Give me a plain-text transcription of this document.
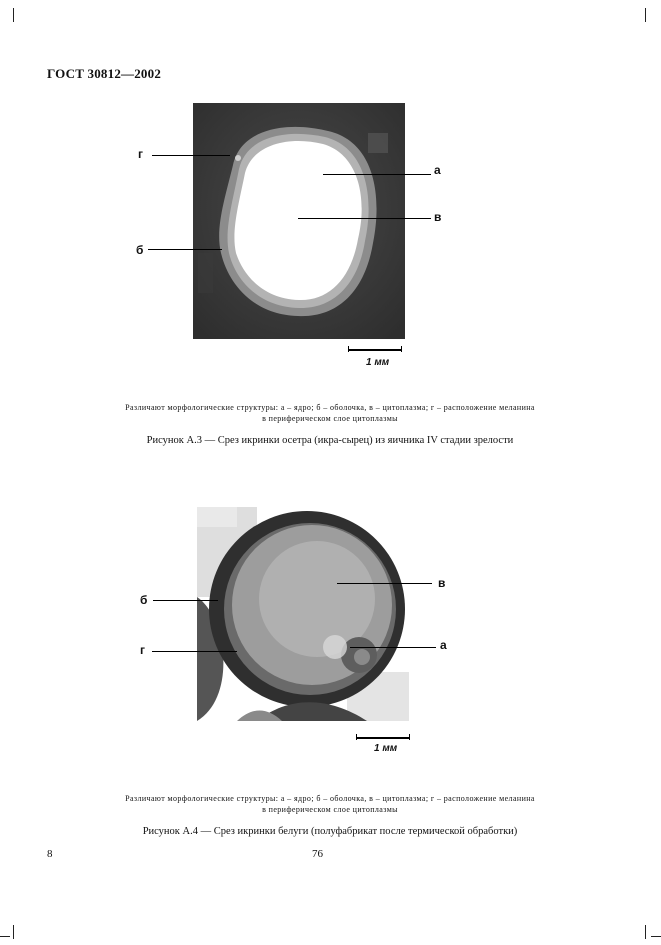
ГОСТ 30812—2002
г
а
в
б
1 мм
Различают морфологические структуры: а – ядро; б – оболочка, в – цитоплазма; г – расположение меланина
в периферическом слое цитоплазмы
Рисунок А.3 — Срез икринки осетра (икра-сырец) из яичника IV стадии зрелости
в
б
а
г
1 мм
Различают морфологические структуры: а – ядро; б – оболочка, в – цитоплазма; г – расположение меланина
в периферическом слое цитоплазмы
Рисунок А.4 — Срез икринки белуги (полуфабрикат после термической обработки)
8	76
